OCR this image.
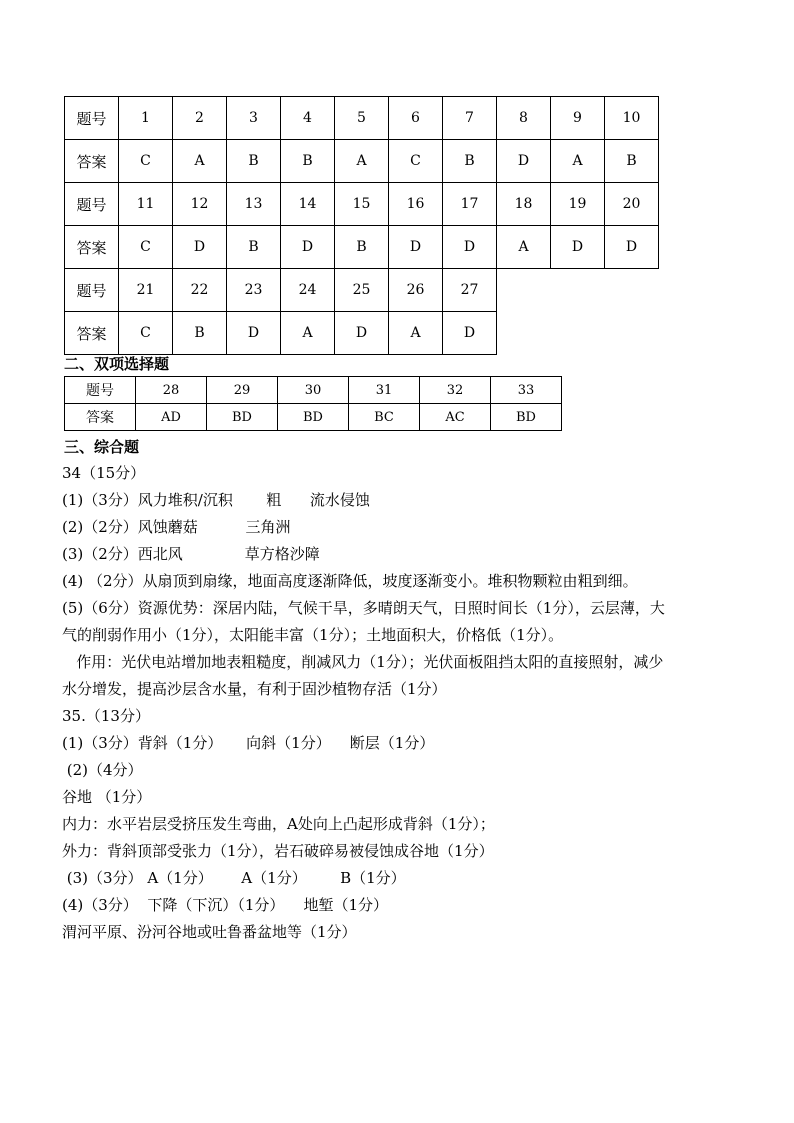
题号	1	2	3	4	5	6	7	8	9	10
答案	C	A	B	B	A	C	B	D	A	B
题号	11	12	13	14	15	16	17	18	19	20
答案	C	D	B	D	B	D	D	A	D	D
题号	21	22	23	24	25	26	27			
答案	C	B	D	A	D	A	D			
二、双项选择题
题号	28	29	30	31	32	33
答案	AD	BD	BD	BC	AC	BD
三、综合题
34（15分）
(1)（3分）风力堆积/沉积       粗      流水侵蚀
(2)（2分）风蚀蘑菇          三角洲
(3)（2分）西北风             草方格沙障
(4) （2分）从扇顶到扇缘，地面高度逐渐降低，坡度逐渐变小。堆积物颗粒由粗到细。
(5)（6分）资源优势：深居内陆，气候干旱，多晴朗天气，日照时间长（1分），云层薄，大
气的削弱作用小（1分），太阳能丰富（1分）；土地面积大，价格低（1分）。
作用：光伏电站增加地表粗糙度，削减风力（1分）；光伏面板阻挡太阳的直接照射，减少
水分增发，提高沙层含水量，有利于固沙植物存活（1分）
35.（13分）
(1)（3分）背斜（1分）     向斜（1分）    断层（1分）
(2)（4分）
谷地 （1分）
内力：水平岩层受挤压发生弯曲，A处向上凸起形成背斜（1分）；
外力：背斜顶部受张力（1分），岩石破碎易被侵蚀成谷地（1分）
(3)（3分） A（1分）      A（1分）       B（1分）
(4)（3分）  下降（下沉）（1分）    地堑（1分）
渭河平原、汾河谷地或吐鲁番盆地等（1分）
